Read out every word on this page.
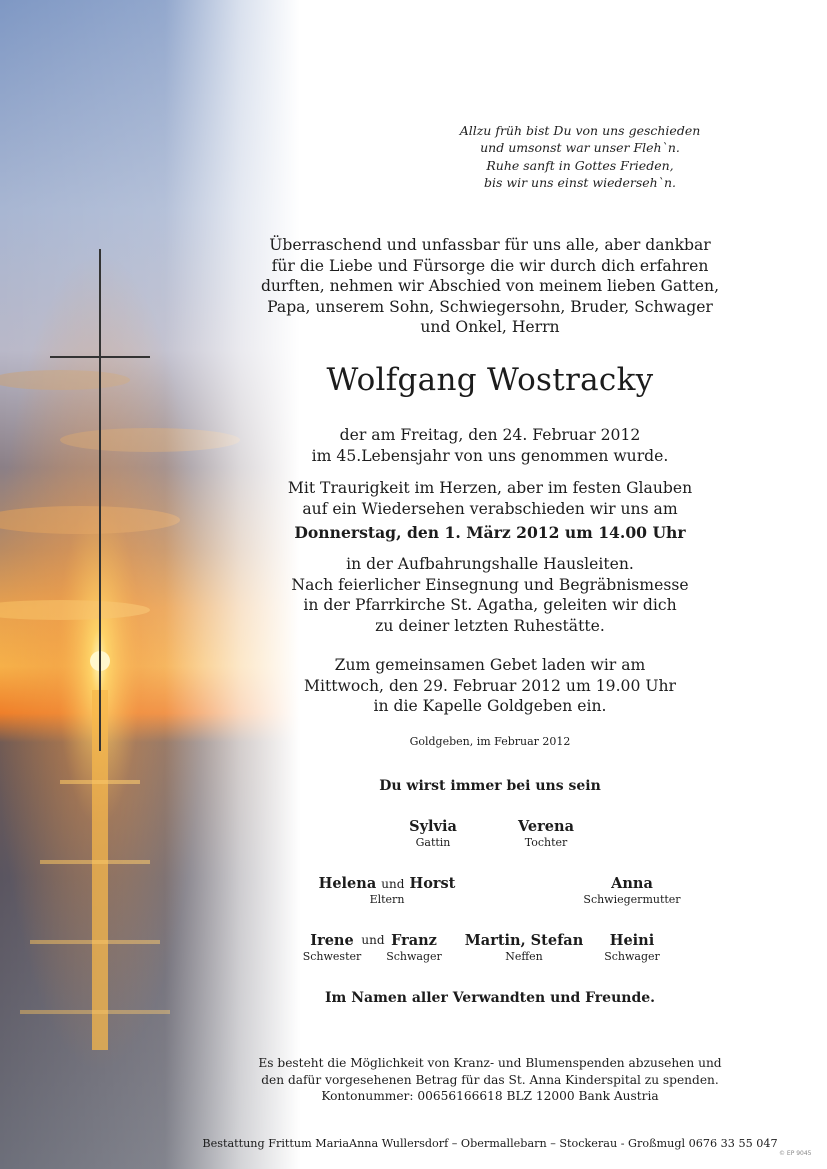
Allzu früh bist Du von uns geschieden
und umsonst war unser Fleh`n.
Ruhe sanft in Gottes Frieden,
bis wir uns einst wiederseh`n.
Überraschend und unfassbar für uns alle, aber dankbar
für die Liebe und Fürsorge die wir durch dich erfahren
durften, nehmen wir Abschied von meinem lieben Gatten,
Papa, unserem Sohn, Schwiegersohn, Bruder, Schwager
und Onkel, Herrn
Wolfgang Wostracky
der am Freitag, den 24. Februar 2012
im 45.Lebensjahr von uns genommen wurde.
Mit Traurigkeit im Herzen, aber im festen Glauben
auf ein Wiedersehen verabschieden wir uns am
Donnerstag, den 1. März 2012 um 14.00 Uhr
in der Aufbahrungshalle Hausleiten.
Nach feierlicher Einsegnung und Begräbnismesse
in der Pfarrkirche St. Agatha, geleiten wir dich
zu deiner letzten Ruhestätte.
Zum gemeinsamen Gebet laden wir am
Mittwoch, den 29. Februar 2012 um 19.00 Uhr
in die Kapelle Goldgeben ein.
Goldgeben, im Februar 2012
Du wirst immer bei uns sein
Sylvia
Gattin
Verena
Tochter
Helena und Horst
Eltern
Anna
Schwiegermutter
Irene
Schwester
und Franz
Schwager
Martin, Stefan
Neffen
Heini
Schwager
Im Namen aller Verwandten und Freunde.
Es besteht die Möglichkeit von Kranz- und Blumenspenden abzusehen und
den dafür vorgesehenen Betrag für das St. Anna Kinderspital zu spenden.
Kontonummer: 00656166618 BLZ 12000 Bank Austria
Bestattung Frittum MariaAnna Wullersdorf – Obermallebarn – Stockerau - Großmugl 0676 33 55 047
© EP 9045
